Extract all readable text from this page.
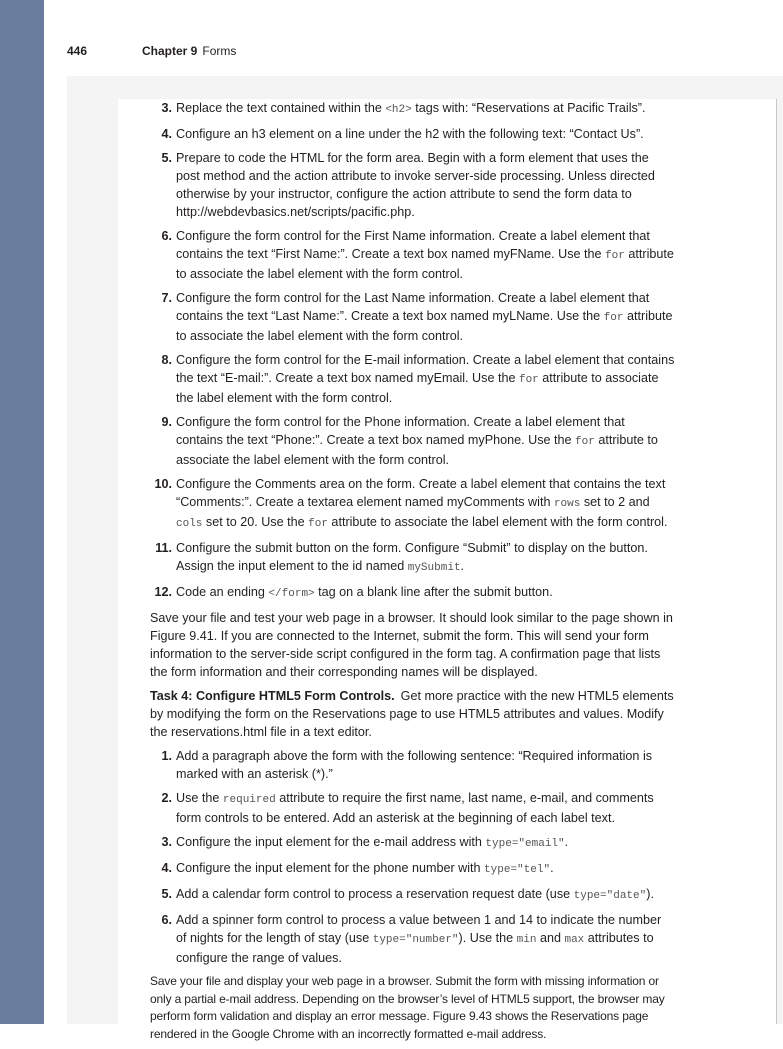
446	Chapter 9 Forms
3. Replace the text contained within the <h2> tags with: “Reservations at Pacific Trails”.
4. Configure an h3 element on a line under the h2 with the following text: “Contact Us”.
5. Prepare to code the HTML for the form area. Begin with a form element that uses the post method and the action attribute to invoke server-side processing. Unless directed otherwise by your instructor, configure the action attribute to send the form data to http://webdevbasics.net/scripts/pacific.php.
6. Configure the form control for the First Name information. Create a label element that contains the text “First Name:”. Create a text box named myFName. Use the for attribute to associate the label element with the form control.
7. Configure the form control for the Last Name information. Create a label element that contains the text “Last Name:”. Create a text box named myLName. Use the for attribute to associate the label element with the form control.
8. Configure the form control for the E-mail information. Create a label element that contains the text “E-mail:”. Create a text box named myEmail. Use the for attribute to associate the label element with the form control.
9. Configure the form control for the Phone information. Create a label element that contains the text “Phone:”. Create a text box named myPhone. Use the for attribute to associate the label element with the form control.
10. Configure the Comments area on the form. Create a label element that contains the text “Comments:”. Create a textarea element named myComments with rows set to 2 and cols set to 20. Use the for attribute to associate the label element with the form control.
11. Configure the submit button on the form. Configure “Submit” to display on the button. Assign the input element to the id named mySubmit.
12. Code an ending </form> tag on a blank line after the submit button.

Save your file and test your web page in a browser. It should look similar to the page shown in Figure 9.41. If you are connected to the Internet, submit the form. This will send your form information to the server-side script configured in the form tag. A confirmation page that lists the form information and their corresponding names will be displayed.

Task 4: Configure HTML5 Form Controls. Get more practice with the new HTML5 elements by modifying the form on the Reservations page to use HTML5 attributes and values. Modify the reservations.html file in a text editor.

1. Add a paragraph above the form with the following sentence: “Required information is marked with an asterisk (*).”
2. Use the required attribute to require the first name, last name, e-mail, and comments form controls to be entered. Add an asterisk at the beginning of each label text.
3. Configure the input element for the e-mail address with type="email".
4. Configure the input element for the phone number with type="tel".
5. Add a calendar form control to process a reservation request date (use type="date").
6. Add a spinner form control to process a value between 1 and 14 to indicate the number of nights for the length of stay (use type="number"). Use the min and max attributes to configure the range of values.

Save your file and display your web page in a browser. Submit the form with missing information or only a partial e-mail address. Depending on the browser’s level of HTML5 support, the browser may perform form validation and display an error message. Figure 9.43 shows the Reservations page rendered in the Google Chrome with an incorrectly formatted e-mail address.
